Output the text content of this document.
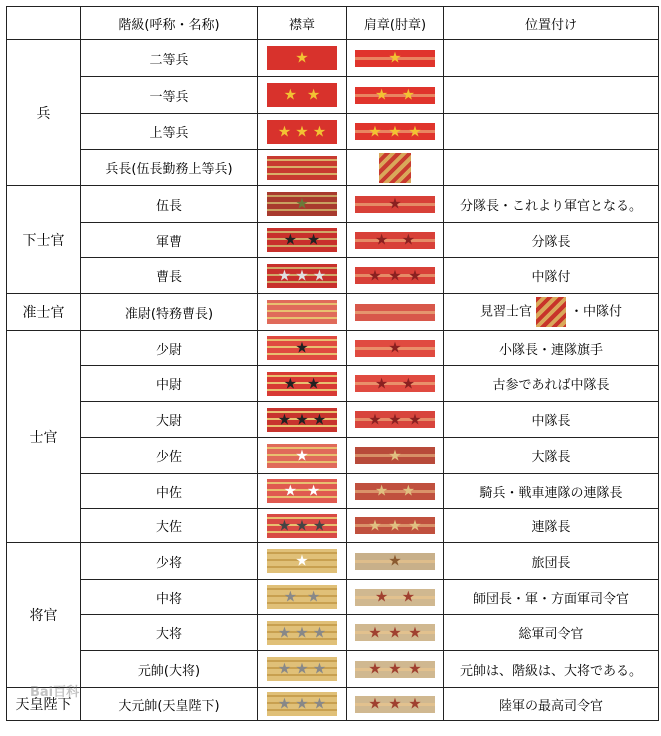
	階級(呼称・名称)	襟章	肩章(肘章)	位置付け
兵	二等兵	★	★	

	一等兵	★ ★	★ ★	

	上等兵	★ ★ ★	★ ★ ★	

	兵長(伍長勤務上等兵)			
下士官	伍長	★	★	分隊長・これより軍官となる。
	軍曹	★ ★	★ ★	分隊長
	曹長	★ ★ ★	★ ★ ★	中隊付
准士官	准尉(特務曹長)			見習士官 ・中隊付
士官	少尉	★	★	小隊長・連隊旗手
	中尉	★ ★	★ ★	古参であれば中隊長
	大尉	★ ★ ★	★ ★ ★	中隊長
	少佐	★	★	大隊長
	中佐	★ ★	★ ★	騎兵・戦車連隊の連隊長
	大佐	★ ★ ★	★ ★ ★	連隊長
将官	少将	★	★	旅団長
	中将	★ ★	★ ★	師団長・軍・方面軍司令官
	大将	★ ★ ★	★ ★ ★	総軍司令官
	元帥(大将)	★ ★ ★	★ ★ ★	元帥は、階級は、大将である。
天皇陛下	大元帥(天皇陛下)	★ ★ ★	★ ★ ★	陸軍の最高司令官
Bai百科
